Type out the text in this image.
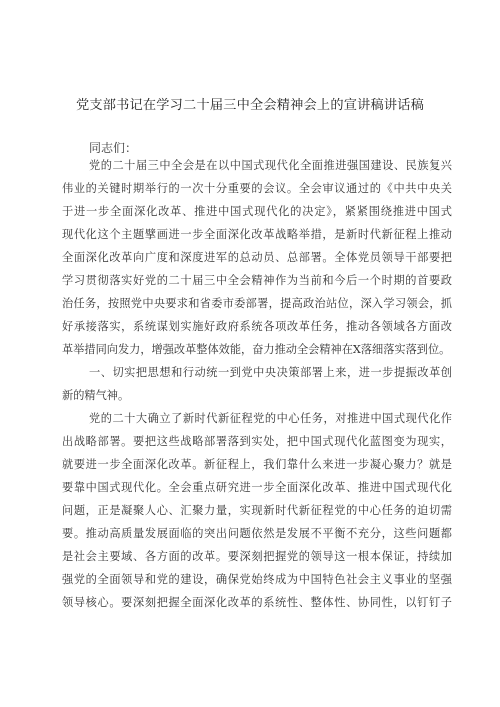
党支部书记在学习二十届三中全会精神会上的宣讲稿讲话稿
同志们：
党的二十届三中全会是在以中国式现代化全面推进强国建设、民族复兴
伟业的关键时期举行的一次十分重要的会议。全会审议通过的《中共中央关
于进一步全面深化改革、推进中国式现代化的决定》，紧紧围绕推进中国式
现代化这个主题擘画进一步全面深化改革战略举措，是新时代新征程上推动
全面深化改革向广度和深度进军的总动员、总部署。全体党员领导干部要把
学习贯彻落实好党的二十届三中全会精神作为当前和今后一个时期的首要政
治任务，按照党中央要求和省委市委部署，提高政治站位，深入学习领会，抓
好承接落实，系统谋划实施好政府系统各项改革任务，推动各领域各方面改
革举措同向发力，增强改革整体效能，奋力推动全会精神在X落细落实落到位。
一、切实把思想和行动统一到党中央决策部署上来，进一步提振改革创
新的精气神。
党的二十大确立了新时代新征程党的中心任务，对推进中国式现代化作
出战略部署。要把这些战略部署落到实处，把中国式现代化蓝图变为现实，
就要进一步全面深化改革。新征程上，我们靠什么来进一步凝心聚力？就是
要靠中国式现代化。全会重点研究进一步全面深化改革、推进中国式现代化
问题，正是凝聚人心、汇聚力量，实现新时代新征程党的中心任务的迫切需
要。推动高质量发展面临的突出问题依然是发展不平衡不充分，这些问题都
是社会主要域、各方面的改革。要深刻把握党的领导这一根本保证，持续加
强党的全面领导和党的建设，确保党始终成为中国特色社会主义事业的坚强
领导核心。要深刻把握全面深化改革的系统性、整体性、协同性，以钉钉子
